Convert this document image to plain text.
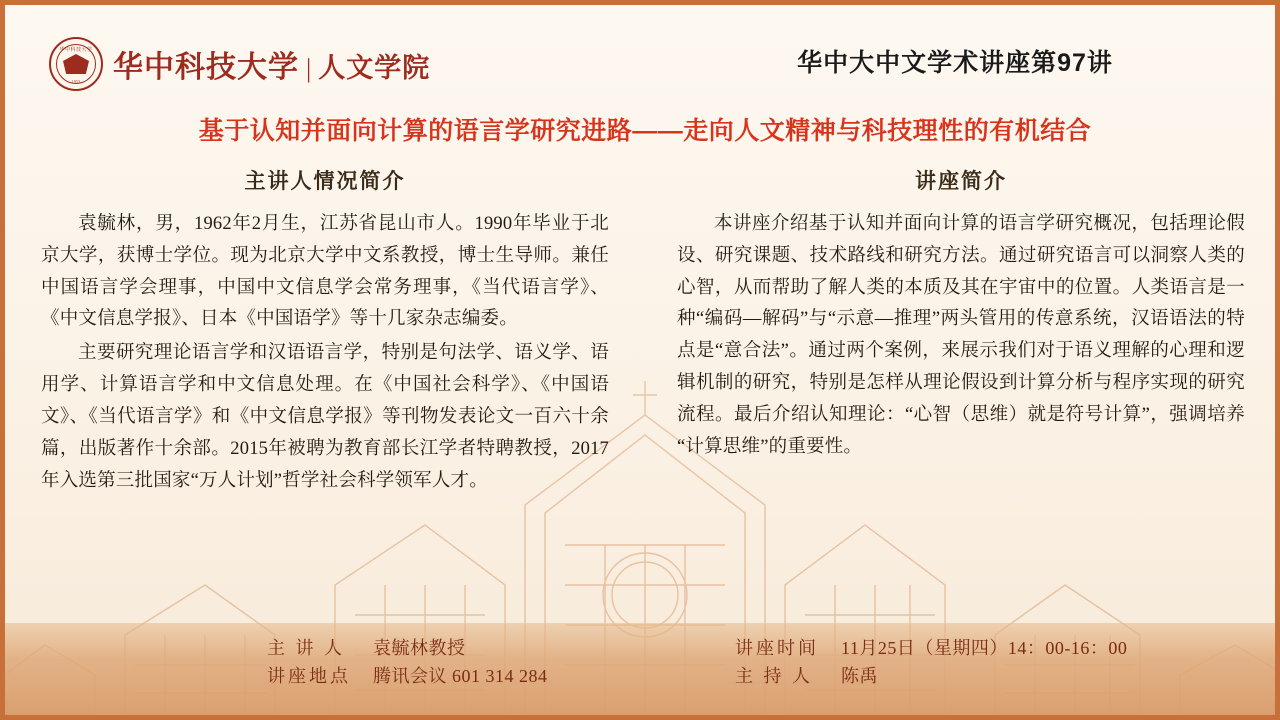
华中科技大学
1953 华中科技大学 | 人文学院	华中大中文学术讲座第97讲
基于认知并面向计算的语言学研究进路——走向人文精神与科技理性的有机结合
主讲人情况简介

袁毓林，男，1962年2月生，江苏省昆山市人。1990年毕业于北京大学，获博士学位。现为北京大学中文系教授，博士生导师。兼任中国语言学会理事，中国中文信息学会常务理事，《当代语言学》、《中文信息学报》、日本《中国语学》等十几家杂志编委。

主要研究理论语言学和汉语语言学，特别是句法学、语义学、语用学、计算语言学和中文信息处理。在《中国社会科学》、《中国语文》、《当代语言学》和《中文信息学报》等刊物发表论文一百六十余篇，出版著作十余部。2015年被聘为教育部长江学者特聘教授，2017年入选第三批国家“万人计划”哲学社会科学领军人才。

讲座简介

本讲座介绍基于认知并面向计算的语言学研究概况，包括理论假设、研究课题、技术路线和研究方法。通过研究语言可以洞察人类的心智，从而帮助了解人类的本质及其在宇宙中的位置。人类语言是一种“编码—解码”与“示意—推理”两头管用的传意系统，汉语语法的特点是“意合法”。通过两个案例，来展示我们对于语义理解的心理和逻辑机制的研究，特别是怎样从理论假设到计算分析与程序实现的研究流程。最后介绍认知理论：“心智（思维）就是符号计算”，强调培养“计算思维”的重要性。

主 讲 人	袁毓林教授
讲座地点	腾讯会议 601 314 284
讲座时间	11月25日（星期四）14：00-16：00
主 持 人	陈禹
